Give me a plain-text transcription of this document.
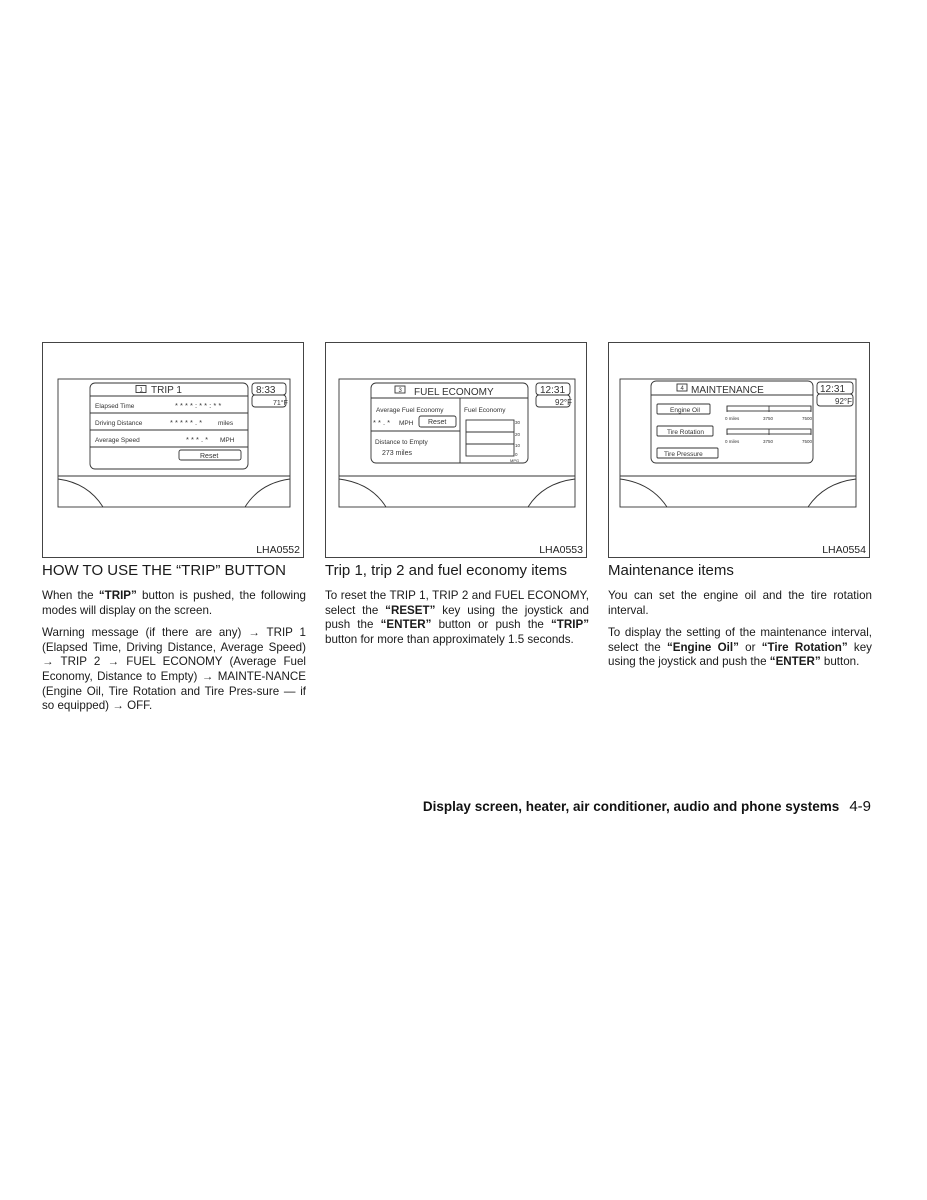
1 TRIP 1	8:33
71°F
Elapsed Time	* * * * : * * : * *
Driving Distance	* * * * * . * miles
Average Speed	* * * . * MPH
Reset
LHA0552
3 FUEL ECONOMY	12:31
92°F
Average Fuel Economy
* * . * MPH Reset
Distance to Empty
273 miles
Fuel Economy
30
20
10
0
MPG
LHA0553
4 MAINTENANCE	12:31
92°F
Engine Oil
0 miles	3750	7500
Tire Rotation
0 miles	3750	7500
Tire Pressure
LHA0554
HOW TO USE THE “TRIP” BUTTON

When the “TRIP” button is pushed, the following modes will display on the screen.

Warning message (if there are any) → TRIP 1 (Elapsed Time, Driving Distance, Average Speed) → TRIP 2 → FUEL ECONOMY (Average Fuel Economy, Distance to Empty) → MAINTE-NANCE (Engine Oil, Tire Rotation and Tire Pres-sure — if so equipped) → OFF.

Trip 1, trip 2 and fuel economy items

To reset the TRIP 1, TRIP 2 and FUEL ECONOMY, select the “RESET” key using the joystick and push the “ENTER” button or push the “TRIP” button for more than approximately 1.5 seconds.

Maintenance items

You can set the engine oil and the tire rotation interval.

To display the setting of the maintenance interval, select the “Engine Oil” or “Tire Rotation” key using the joystick and push the “ENTER” button.

Display screen, heater, air conditioner, audio and phone systems 4-9
